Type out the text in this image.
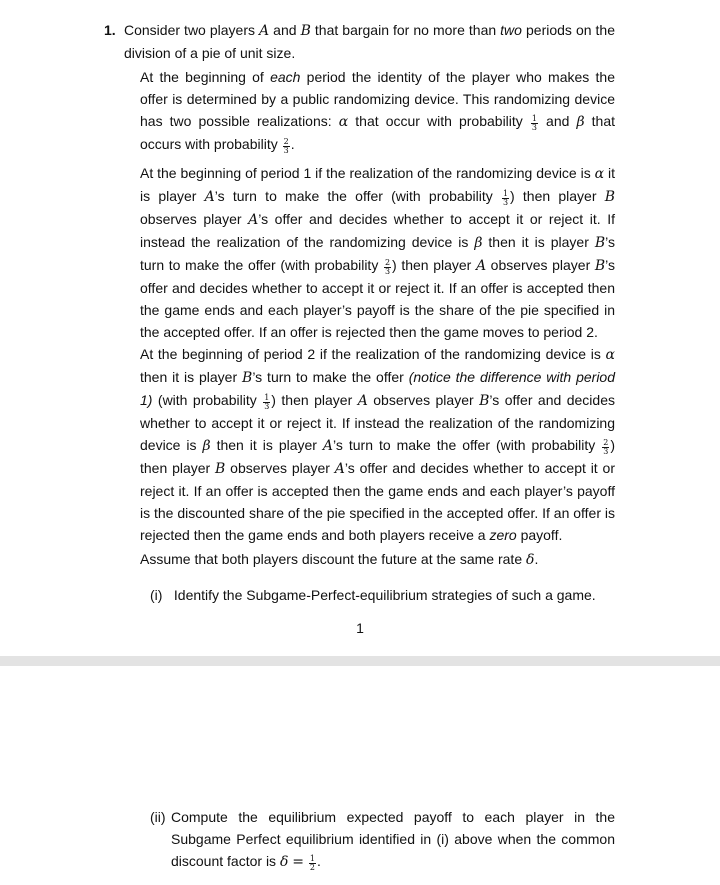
1. Consider two players A and B that bargain for no more than two periods on the division of a pie of unit size.

At the beginning of each period the identity of the player who makes the offer is determined by a public randomizing device. This randomizing device has two possible realizations: α that occur with probability $\frac{1}{3}$ and β that occurs with probability $\frac{2}{3}$ .

At the beginning of period 1 if the realization of the randomizing device is α it is player A’s turn to make the offer (with probability $\frac{1}{3}$ ) then player B observes player A’s offer and decides whether to accept it or reject it. If instead the realization of the randomizing device is β then it is player B’s turn to make the offer (with probability $\frac{2}{3}$ ) then player A observes player B’s offer and decides whether to accept it or reject it. If an offer is accepted then the game ends and each player’s payoff is the share of the pie specified in the accepted offer. If an offer is rejected then the game moves to period 2.

At the beginning of period 2 if the realization of the randomizing device is α then it is player B’s turn to make the offer (notice the difference with period 1) (with probability $\frac{1}{3}$ ) then player A observes player B’s offer and decides whether to accept it or reject it. If instead the realization of the randomizing device is β then it is player A’s turn to make the offer (with probability $\frac{2}{3}$ ) then player B observes player A’s offer and decides whether to accept it or reject it. If an offer is accepted then the game ends and each player’s payoff is the discounted share of the pie specified in the accepted offer. If an offer is rejected then the game ends and both players receive a zero payoff.

Assume that both players discount the future at the same rate δ.

(i) Identify the Subgame-Perfect-equilibrium strategies of such a game.
1
(ii) Compute the equilibrium expected payoff to each player in the Subgame Perfect equilibrium identified in (i) above when the common discount factor is $\delta = \frac{1}{2}$ .
